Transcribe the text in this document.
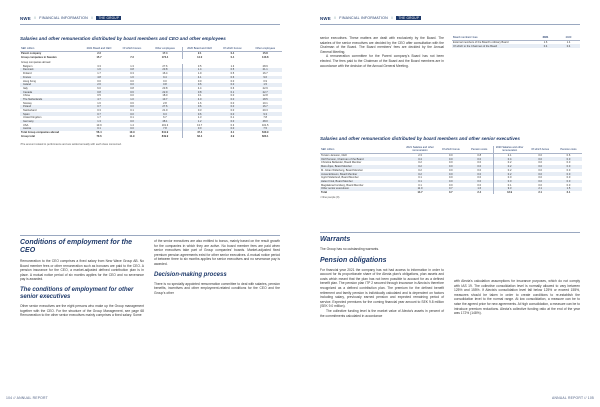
NWE // FINANCIAL INFORMATION //	THE GROUP
Salaries and other remuneration distributed by board members and CEO and other employees
SEK million	2021 Board and CEO	Of which bonus¹	Other employees	2020 Board and CEO	Of which bonus¹	Other employees
Parent company	2.3		17.4	2.1	0.4	15.8
Group companies in Sweden	15.7	7.3	173.4	14.0	0.4	143.8
Group companies abroad						
Belgium	3.3	1.3	27.6	3.5	1.3	28.9
Denmark	1.6	0.8	23.8	1.4	0.5	21.1
Finland	1.7	0.3	16.4	1.9	0.5	16.7
France	4.8	1.6	9.4	4.1	0.6	9.6
Hong Kong	0.0	0.0	0.0	0.0	0.0	0.9
Ireland	2.6	0.0	0.8	0.6	0.0	1.5
Italy	6.0	0.8	23.8	4.4	0.6	22.9
Canada	0.8	0.6	22.9	0.8	0.1	22.7
China	0.5	0.0	18.0	0.1	0.0	12.8
The Netherlands	4.7	1.0	13.7	4.0	0.0	18.5
Norway	1.6	0.6	2.8	1.6	0.0	10.1
Poland	0.7	0.0	27.6	0.6	0.0	16.7
Switzerland	0.3	0.1	21.9	0.3	0.0	20.3
Spain	0.7	0.0	9.3	0.6	0.0	9.3
United Kingdom	1.7	0.1	6.7	1.3	0.1	7.8
Germany	1.3	0.0	48.1	1.2	0.0	48.0
USA	13.9	1.4	101.3	13.7	0.3	101.5
Austria	0.1	0.0	7.8	0.0	0.0	7.5
Total Group companies abroad	56.4	10.9	641.9	47.4	3.1	640.9
Group total	70.6	11.9	849.9	63.4	3.9	833.1
¹The amount related to performance and are settled annually with each class concerned.
Conditions of employment for the CEO

Remuneration to the CEO comprises a fixed salary from New Wave Group AB. No Board member fees or other remuneration such as bonuses are paid to the CEO. A pension insurance for the CEO, a market-adjusted defined contribution plan is in place. A mutual notice period of six months applies for the CEO and no severance pay is awarded.

The conditions of employment for other senior executives

Other senior executives are the eight persons who make up the Group management together with the CEO. For the structure of the Group Management, see page 68 Remuneration to the other senior executives mainly comprises a fixed salary. Some

of the senior executives are also entitled to bonus, mainly based on the result growth for the companies in which they are active. No board member fees are paid when senior executives take part of Group companies' boards. Market-adjusted fixed premium pension agreements exist for other senior executives. A mutual notice period of between three to six months applies for senior executives and no severance pay is awarded.

Decision-making process

There is no specially appointed remuneration committee to deal with salaries, pension benefits, incentives and other employment-related conditions for the CEO and the Group's other

104 // ANNUAL REPORT
NWE // FINANCIAL INFORMATION //	THE GROUP

senior executives. These matters are dealt with exclusively by the Board. The salaries of the senior executives are decided by the CEO after consultation with the Chairman of the Board. The Board members' fees are decided by the Annual General Meeting.

A remuneration committee for the Parent company's Board has not been elected. The fees paid to the Chairman of the Board and the Board members are in accordance with the decision of the Annual General Meeting.

Board members' fees	2021	2020
External members of the Board's ordinary Board	1.6	1.4
Of which to the Chairman of the Board	0.4	0.4
Salaries and other remuneration distributed by board members and other senior executives
SEK million	2021 Salaries and other remuneration	Of which bonus	Pension costs	2020 Salaries and other remuneration	Of which bonus	Pension costs
Torsten Jansson, CEO	2.3	0.0	0.8	2.1	0.0	0.6
Olof Persson, Chairman of the Board	0.4	0.0	0.0	0.4	0.0	0.0
Christina Bellander, Board Member	0.2	0.0	0.0	0.2	0.0	0.0
Mats Årjes, Board Member	0.2	0.0	0.0	0.2	0.0	0.0
M. Johan Widerberg, Board Member	0.2	0.0	0.0	0.2	0.0	0.0
Jonas Eriksson, Board Member	0.2	0.0	0.0	0.2	0.0	0.0
Ingrid Söderlund, Board Member	0.1	0.0	0.0	0.0	0.0	0.0
Helen Frisk, Board Member	0.1	0.0	0.0	0.0	0.0	0.0
Magdalena Forsberg, Board Member	0.1	0.0	0.0	0.1	0.0	0.0
Other senior executives¹	11.0	0.7	1.6	9.3	2.1	1.5
Total	14.7	0.7	2.4	12.9	2.1	2.1
¹ Nine people (9).
Warrants

The Group has no outstanding warrants.

Pension obligations

For financial year 2021 the company has not had access to information in order to account for its proportionate share of the Alecta plan's obligations, plan assets and costs which meant that the plan has not been possible to account for as a defined benefit plan. The pension plan ITP 2 secured through insurance in Alecta is therefore recognized as a defined contribution plan. The premium for the defined benefit retirement and family pension is individually calculated and is dependent on factors including salary, previously earned pension and expected remaining period of service. Expected premiums for the coming financial year amount to SEK 9.8 million (SEK 9.0 million).

The collective funding level is the market value of Alecta's assets in percent of the commitments calculated in accordance

with Alecta's calculation assumptions for insurance purposes, which do not comply with IAS 19. The collective consolidation level is normally allowed to vary between 125% and 155%. If Alecta's consolidation level fall below 125% or exceed 155%, measures should be taken in order to create conditions to re-establish the consolidation level to the normal range. At low consolidation, a measure can be to raise the agreed price for new agreements. At high consolidation, a measure can be to introduce premium reductions. Alecta's collective funding ratio at the end of the year was 172% (148%).

ANNUAL REPORT // 105
